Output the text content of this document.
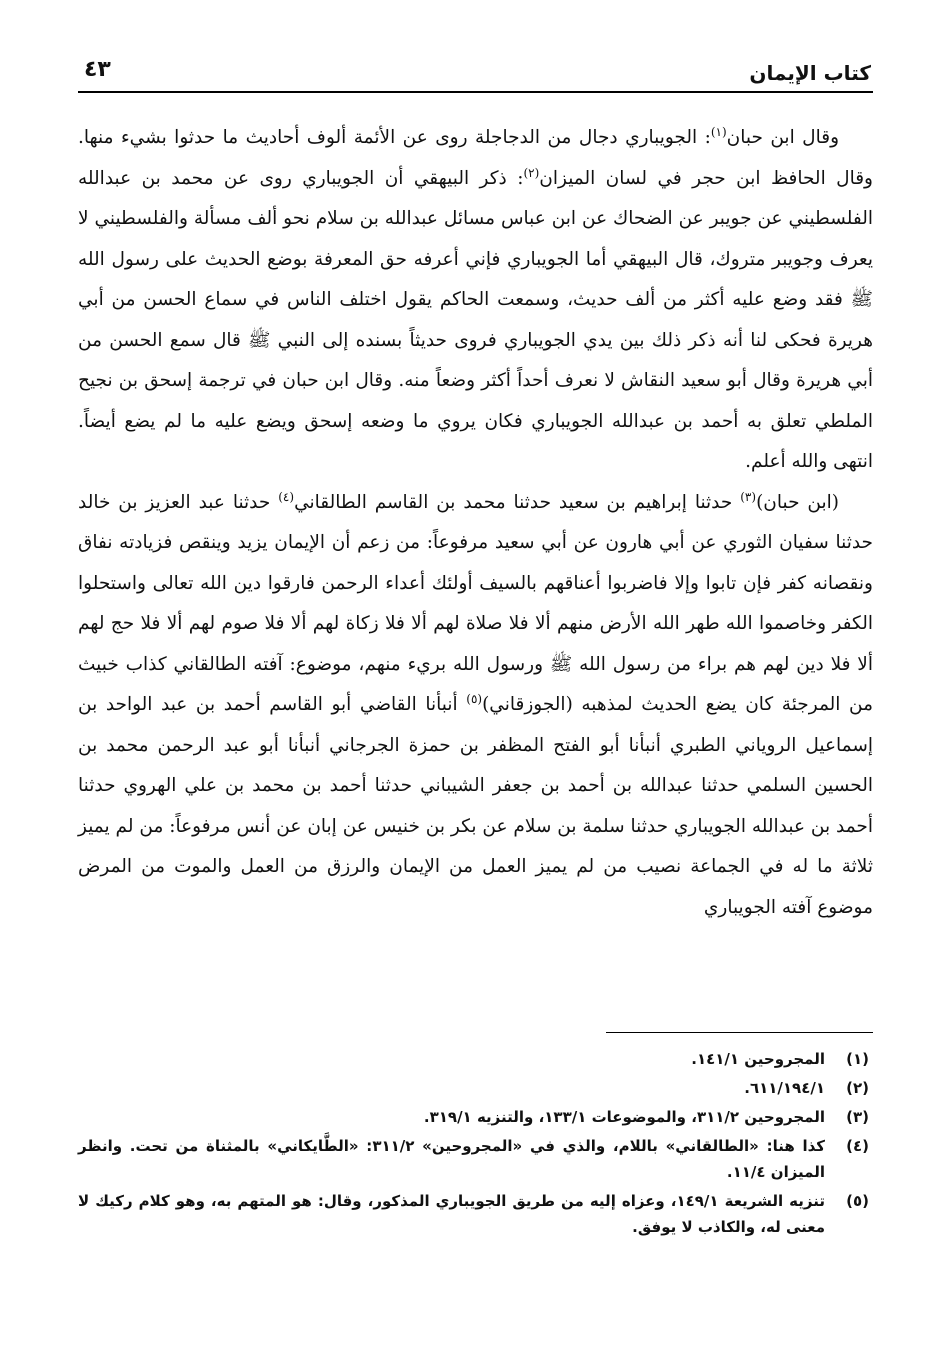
كتاب الإيمان
٤٣

وقال ابن حبان$^{(١)}$: الجويباري دجال من الدجاجلة روى عن الأئمة ألوف أحاديث ما حدثوا بشيء منها. وقال الحافظ ابن حجر في لسان الميزان$^{(٢)}$: ذكر البيهقي أن الجويباري روى عن محمد بن عبدالله الفلسطيني عن جويبر عن الضحاك عن ابن عباس مسائل عبدالله بن سلام نحو ألف مسألة والفلسطيني لا يعرف وجويبر متروك، قال البيهقي أما الجويباري فإني أعرفه حق المعرفة بوضع الحديث على رسول الله ﷺ فقد وضع عليه أكثر من ألف حديث، وسمعت الحاكم يقول اختلف الناس في سماع الحسن من أبي هريرة فحكى لنا أنه ذكر ذلك بين يدي الجويباري فروى حديثاً بسنده إلى النبي ﷺ قال سمع الحسن من أبي هريرة وقال أبو سعيد النقاش لا نعرف أحداً أكثر وضعاً منه. وقال ابن حبان في ترجمة إسحق بن نجيح الملطي تعلق به أحمد بن عبدالله الجويباري فكان يروي ما وضعه إسحق ويضع عليه ما لم يضع أيضاً. انتهى والله أعلم.

(ابن حبان)$^{(٣)}$ حدثنا إبراهيم بن سعيد حدثنا محمد بن القاسم الطالقاني$^{(٤)}$ حدثنا عبد العزيز بن خالد حدثنا سفيان الثوري عن أبي هارون عن أبي سعيد مرفوعاً: من زعم أن الإيمان يزيد وينقص فزيادته نفاق ونقصانه كفر فإن تابوا وإلا فاضربوا أعناقهم بالسيف أولئك أعداء الرحمن فارقوا دين الله تعالى واستحلوا الكفر وخاصموا الله طهر الله الأرض منهم ألا فلا صلاة لهم ألا فلا زكاة لهم ألا فلا صوم لهم ألا فلا حج لهم ألا فلا دين لهم هم براء من رسول الله ﷺ ورسول الله بريء منهم، موضوع: آفته الطالقاني كذاب خبيث من المرجئة كان يضع الحديث لمذهبه (الجوزقاني)$^{(٥)}$ أنبأنا القاضي أبو القاسم أحمد بن عبد الواحد بن إسماعيل الروياني الطبري أنبأنا أبو الفتح المظفر بن حمزة الجرجاني أنبأنا أبو عبد الرحمن محمد بن الحسين السلمي حدثنا عبدالله بن أحمد بن جعفر الشيباني حدثنا أحمد بن محمد بن علي الهروي حدثنا أحمد بن عبدالله الجويباري حدثنا سلمة بن سلام عن بكر بن خنيس عن إبان عن أنس مرفوعاً: من لم يميز ثلاثة ما له في الجماعة نصيب من لم يميز العمل من الإيمان والرزق من العمل والموت من المرض موضوع آفته الجويباري

(١)
المجروحين ١٤١/١.
(٢)
٦١١/١٩٤/١.
(٣)
المجروحين ٣١١/٢، والموضوعات ١٣٣/١، والتنزيه ٣١٩/١.
(٤)
كذا هنا: «الطالقاني» باللام، والذي في «المجروحين» ٣١١/٢: «الطَّايكاني» بالمثناة من تحت. وانظر الميزان ١١/٤.
(٥)
تنزيه الشريعة ١٤٩/١، وعزاه إليه من طريق الجويباري المذكور، وقال: هو المتهم به، وهو كلام ركيك لا معنى له، والكاذب لا يوفق.
